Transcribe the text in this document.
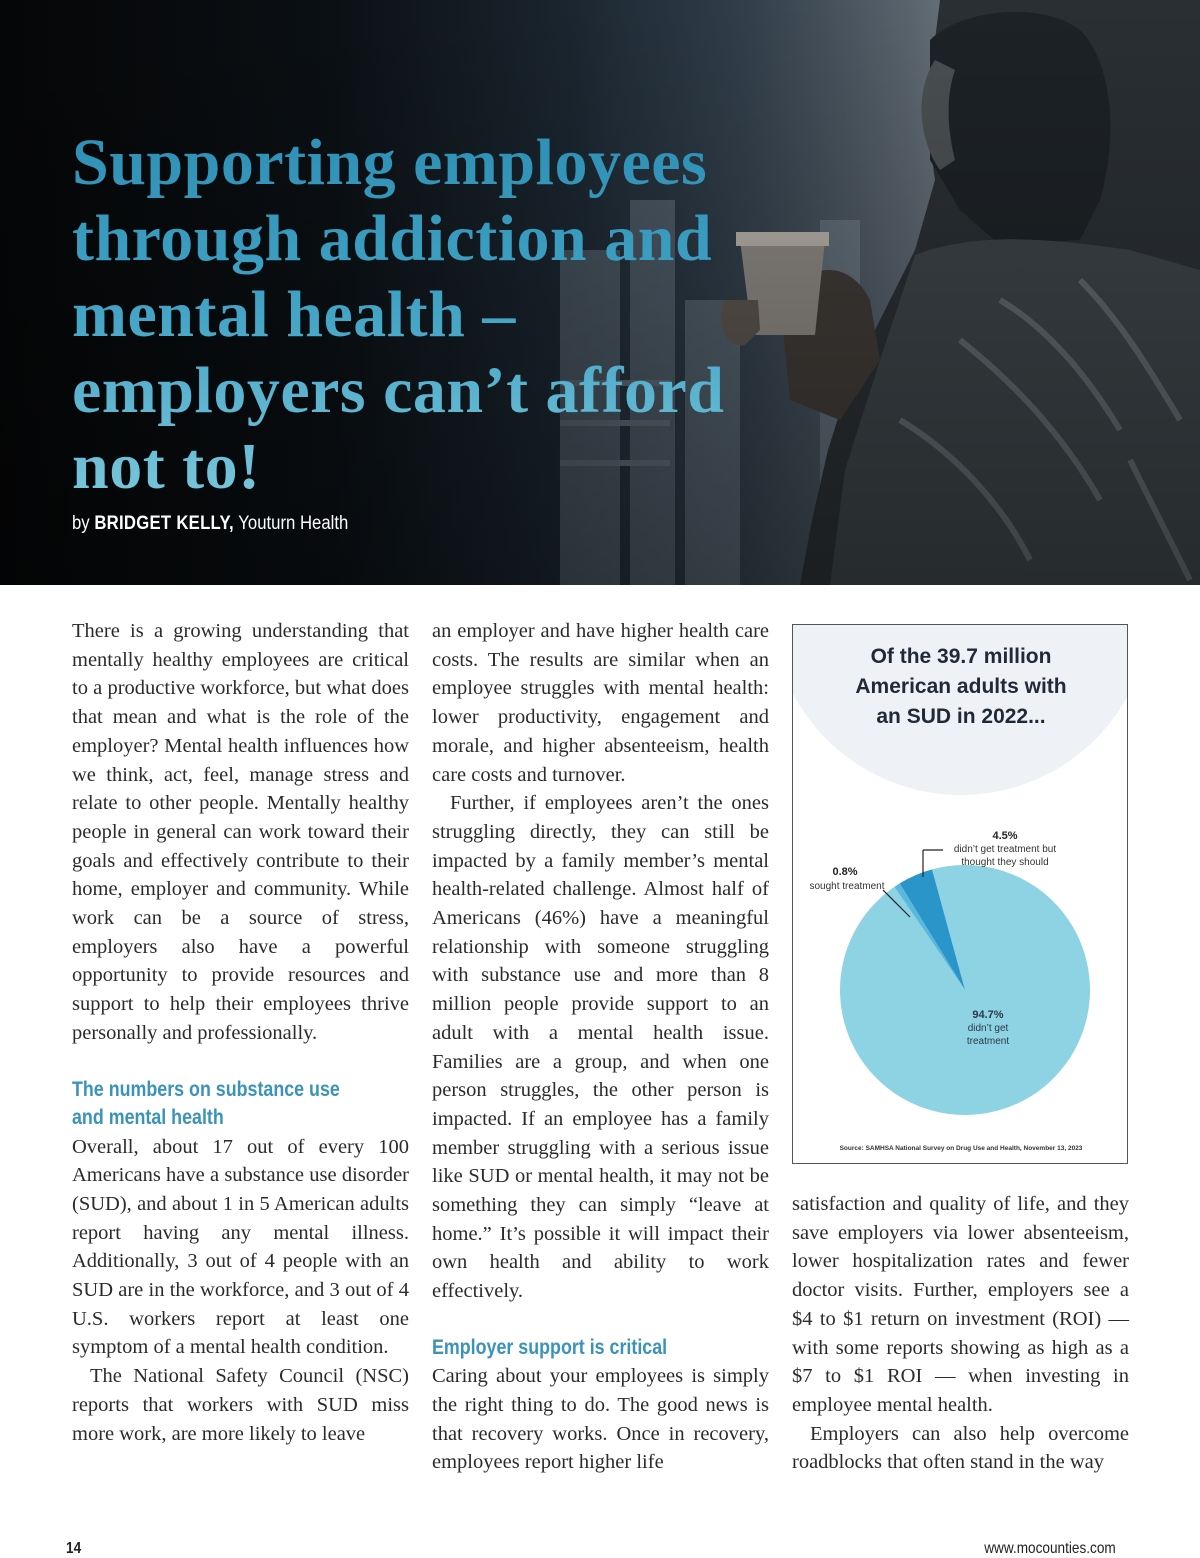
Supporting employees through addiction and mental health – employers can’t afford not to!
by BRIDGET KELLY, Youturn Health

There is a growing understanding that mentally healthy employees are critical to a productive workforce, but what does that mean and what is the role of the employer? Mental health influences how we think, act, feel, manage stress and relate to other people. Mentally healthy people in general can work toward their goals and effectively contribute to their home, employer and community. While work can be a source of stress, employers also have a powerful opportunity to provide resources and support to help their employees thrive personally and professionally.

The numbers on substance use
and mental health

Overall, about 17 out of every 100 Americans have a substance use disorder (SUD), and about 1 in 5 American adults report having any mental illness. Additionally, 3 out of 4 people with an SUD are in the workforce, and 3 out of 4 U.S. workers report at least one symptom of a mental health condition.

The National Safety Council (NSC) reports that workers with SUD miss more work, are more likely to leave

an employer and have higher health care costs. The results are similar when an employee struggles with mental health: lower productivity, engagement and morale, and higher absenteeism, health care costs and turnover.

Further, if employees aren’t the ones struggling directly, they can still be impacted by a family member’s mental health-related challenge. Almost half of Americans (46%) have a meaningful relationship with someone struggling with substance use and more than 8 million people provide support to an adult with a mental health issue. Families are a group, and when one person struggles, the other person is impacted. If an employee has a family member struggling with a serious issue like SUD or mental health, it may not be something they can simply “leave at home.” It’s possible it will impact their own health and ability to work effectively.

Employer support is critical

Caring about your employees is simply the right thing to do. The good news is that recovery works. Once in recovery, employees report higher life

Of the 39.7 million
American adults with
an SUD in 2022...
4.5%
didn’t get treatment but
thought they should
0.8%
sought treatment
94.7%
didn’t get
treatment
Source: SAMHSA National Survey on Drug Use and Health, November 13, 2023

satisfaction and quality of life, and they save employers via lower absenteeism, lower hospitalization rates and fewer doctor visits. Further, employers see a $4 to $1 return on investment (ROI) — with some reports showing as high as a $7 to $1 ROI — when investing in employee mental health.

Employers can also help overcome roadblocks that often stand in the way

14	www.mocounties.com
